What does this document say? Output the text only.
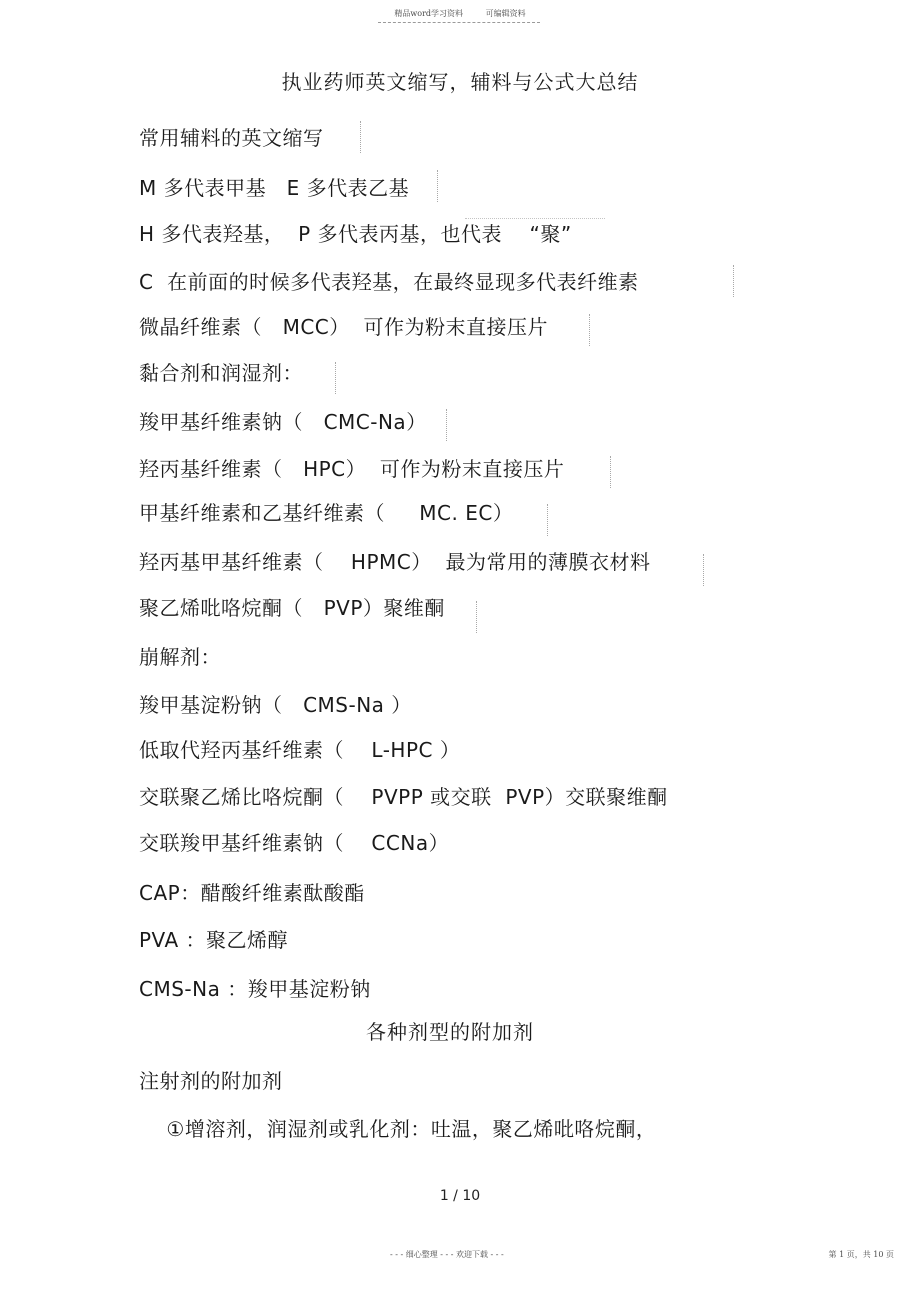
精品word学习资料	可编辑资料
执业药师英文缩写，辅料与公式大总结
常用辅料的英文缩写
M 多代表甲基   E 多代表乙基
H 多代表羟基，  P 多代表丙基，也代表    “聚”
C  在前面的时候多代表羟基，在最终显现多代表纤维素
微晶纤维素（   MCC）  可作为粉末直接压片
黏合剂和润湿剂：
羧甲基纤维素钠（   CMC-Na）
羟丙基纤维素（   HPC）  可作为粉末直接压片
甲基纤维素和乙基纤维素（     MC. EC）
羟丙基甲基纤维素（    HPMC）  最为常用的薄膜衣材料
聚乙烯吡咯烷酮（   PVP）聚维酮
崩解剂：
羧甲基淀粉钠（   CMS-Na ）
低取代羟丙基纤维素（    L-HPC ）
交联聚乙烯比咯烷酮（    PVPP 或交联  PVP）交联聚维酮
交联羧甲基纤维素钠（    CCNa）
CAP：醋酸纤维素酞酸酯
PVA ：聚乙烯醇
CMS-Na ：羧甲基淀粉钠
各种剂型的附加剂
注射剂的附加剂
①增溶剂，润湿剂或乳化剂：吐温，聚乙烯吡咯烷酮，
1 / 10
- - - 细心整理 - - - 欢迎下载 - - -	第 1 页，共 10 页
